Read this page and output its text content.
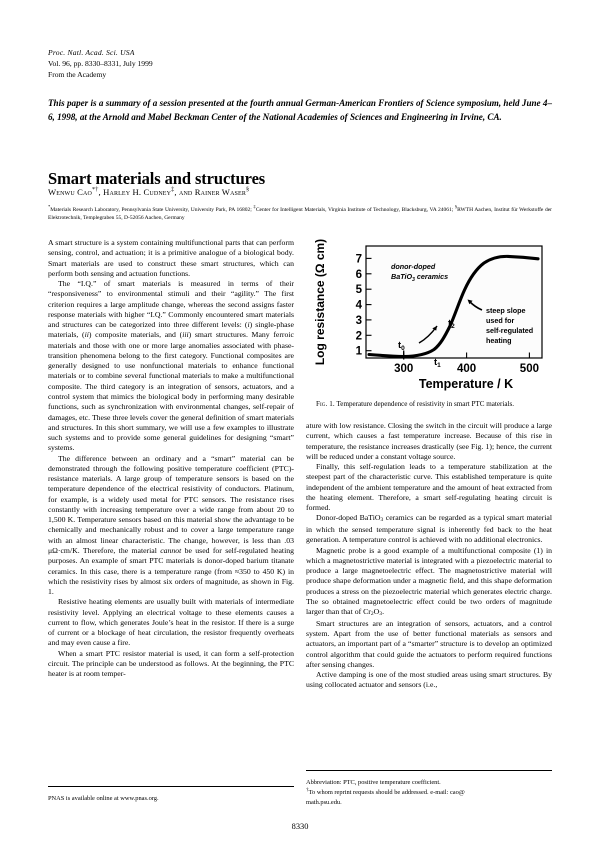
Proc. Natl. Acad. Sci. USA
Vol. 96, pp. 8330–8331, July 1999
From the Academy
This paper is a summary of a session presented at the fourth annual German-American Frontiers of Science symposium, held June 4–6, 1998, at the Arnold and Mabel Beckman Center of the National Academies of Sciences and Engineering in Irvine, CA.
Smart materials and structures
Wenwu Cao*†, Harley H. Cudney‡, and Rainer Waser§
*Materials Research Laboratory, Pennsylvania State University, University Park, PA 16802; ‡Center for Intelligent Materials, Virginia Institute of Technology, Blacksburg, VA 24061; §RWTH Aachen, Institut für Werkstoffe der Elektrotechnik, Templegraben 55, D-52056 Aachen, Germany

A smart structure is a system containing multifunctional parts that can perform sensing, control, and actuation; it is a primitive analogue of a biological body. Smart materials are used to construct these smart structures, which can perform both sensing and actuation functions.

The “I.Q.” of smart materials is measured in terms of their “responsiveness” to environmental stimuli and their “agility.” The first criterion requires a large amplitude change, whereas the second assigns faster response materials with higher “I.Q.” Commonly encountered smart materials and structures can be categorized into three different levels: (i) single-phase materials, (ii) composite materials, and (iii) smart structures. Many ferroic materials and those with one or more large anomalies associated with phase-transition phenomena belong to the first category. Functional composites are generally designed to use nonfunctional materials to enhance functional materials or to combine several functional materials to make a multifunctional composite. The third category is an integration of sensors, actuators, and a control system that mimics the biological body in performing many desirable functions, such as synchronization with environmental changes, self-repair of damages, etc. These three levels cover the general definition of smart materials and structures. In this short summary, we will use a few examples to illustrate such systems and to provide some general guidelines for designing “smart” systems.

The difference between an ordinary and a “smart” material can be demonstrated through the following positive temperature coefficient (PTC)-resistance materials. A large group of temperature sensors is based on the temperature dependence of the electrical resistivity of conductors. Platinum, for example, is a widely used metal for PTC sensors. The resistance rises constantly with increasing temperature over a wide range from about 20 to 1,500 K. Temperature sensors based on this material show the advantage to be chemically and mechanically robust and to cover a large temperature range with an almost linear characteristic. The change, however, is less than .03 μΩ·cm/K. Therefore, the material cannot be used for self-regulated heating purposes. An example of smart PTC materials is donor-doped barium titanate ceramics. In this case, there is a temperature range (from ≈350 to 450 K) in which the resistivity rises by almost six orders of magnitude, as shown in Fig. 1.

Resistive heating elements are usually built with materials of intermediate resistivity level. Applying an electrical voltage to these elements causes a current to flow, which generates Joule’s heat in the resistor. If there is a surge of current or a blockage of heat circulation, the resistor frequently overheats and may even cause a fire.

When a smart PTC resistor material is used, it can form a self-protection circuit. The principle can be understood as follows. At the beginning, the PTC heater is at room temper-

1
2
3
4
5
6
7
300	400	500
Temperature / K
Log resistance (Ω cm)	donor-doped
BaTiO$_3$ ceramics
steep slope
used for
self-regulated
heating
$t_0$
$t_1$
$t_2$
Fig. 1. Temperature dependence of resistivity in smart PTC materials.

ature with low resistance. Closing the switch in the circuit will produce a large current, which causes a fast temperature increase. Because of this rise in temperature, the resistance increases drastically (see Fig. 1); hence, the current will be reduced under a constant voltage source.

Finally, this self-regulation leads to a temperature stabilization at the steepest part of the characteristic curve. This established temperature is quite independent of the ambient temperature and the amount of heat extracted from the heating element. Therefore, a smart self-regulating heating circuit is formed.

Donor-doped BaTiO$_3$ ceramics can be regarded as a typical smart material in which the sensed temperature signal is inherently fed back to the heat generation. A temperature control is achieved with no additional electronics.

Magnetic probe is a good example of a multifunctional composite (1) in which a magnetostrictive material is integrated with a piezoelectric material to produce a large magnetoelectric effect. The magnetostrictive material will produce shape deformation under a magnetic field, and this shape deformation produces a stress on the piezoelectric material which generates electric charge. The so obtained magnetoelectric effect could be two orders of magnitude larger than that of $Cr_2O_3$.

Smart structures are an integration of sensors, actuators, and a control system. Apart from the use of better functional materials as sensors and actuators, an important part of a “smarter” structure is to develop an optimized control algorithm that could guide the actuators to perform required functions after sensing changes.

Active damping is one of the most studied areas using smart structures. By using collocated actuator and sensors (i.e.,

PNAS is available online at www.pnas.org.
Abbreviation: PTC, positive temperature coefficient.
†To whom reprint requests should be addressed. e-mail: cao@
math.psu.edu.
8330
